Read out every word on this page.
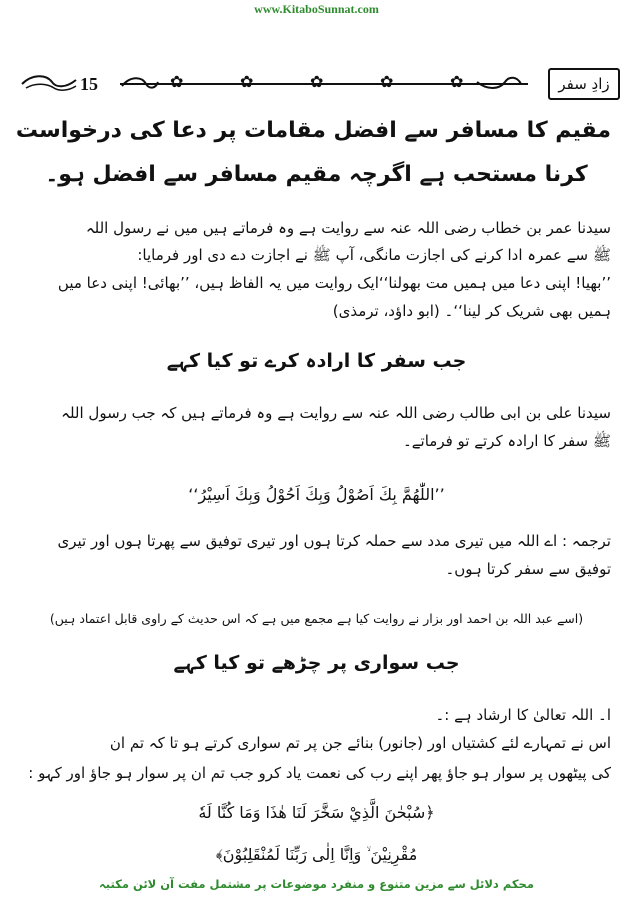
www.KitaboSunnat.com
15	✿	✿	✿	✿	✿	زادِ سفر
مقیم کا مسافر سے افضل مقامات پر دعا کی درخواست
کرنا مستحب ہے اگرچہ مقیم مسافر سے افضل ہو۔
سیدنا عمر بن خطاب رضی اللہ عنہ سے روایت ہے وہ فرماتے ہیں میں نے رسول اللہ
ﷺ سے عمرہ ادا کرنے کی اجازت مانگی، آپ ﷺ نے اجازت دے دی اور فرمایا:
’’بھیا! اپنی دعا میں ہمیں مت بھولنا‘‘ایک روایت میں یہ الفاظ ہیں، ’’بھائی! اپنی دعا میں
ہمیں بھی شریک کر لینا‘‘۔ (ابو داؤد، ترمذی)
جب سفر کا ارادہ کرے تو کیا کہے
سیدنا علی بن ابی طالب رضی اللہ عنہ سے روایت ہے وہ فرماتے ہیں کہ جب رسول اللہ
ﷺ سفر کا ارادہ کرتے تو فرماتے۔
’’اللّٰھُمَّ بِكَ اَصُوْلُ وَبِكَ اَحُوْلُ وَبِكَ اَسِیْرُ‘‘
ترجمہ : اے اللہ میں تیری مدد سے حملہ کرتا ہوں اور تیری توفیق سے پھرتا ہوں اور تیری
توفیق سے سفر کرتا ہوں۔
(اسے عبد اللہ بن احمد اور بزار نے روایت کیا ہے مجمع میں ہے کہ اس حدیث کے راوی قابل اعتماد ہیں)
جب سواری پر چڑھے تو کیا کہے
ا۔ اللہ تعالیٰ کا ارشاد ہے :۔
اس نے تمہارے لئے کشتیاں اور (جانور) بنائے جن پر تم سواری کرتے ہو تا کہ تم ان
کی پیٹھوں پر سوار ہو جاؤ پھر اپنے رب کی نعمت یاد کرو جب تم ان پر سوار ہو جاؤ اور کہو :
﴿سُبْحٰنَ الَّذِيْ سَخَّرَ لَنَا هٰذَا وَمَا كُنَّا لَهٗ
مُقْرِنِيْنَ ۙ وَاِنَّا اِلٰى رَبِّنَا لَمُنْقَلِبُوْنَ﴾
محکم دلائل سے مزین متنوع و منفرد موضوعات پر مشتمل مفت آن لائن مکتبہ
